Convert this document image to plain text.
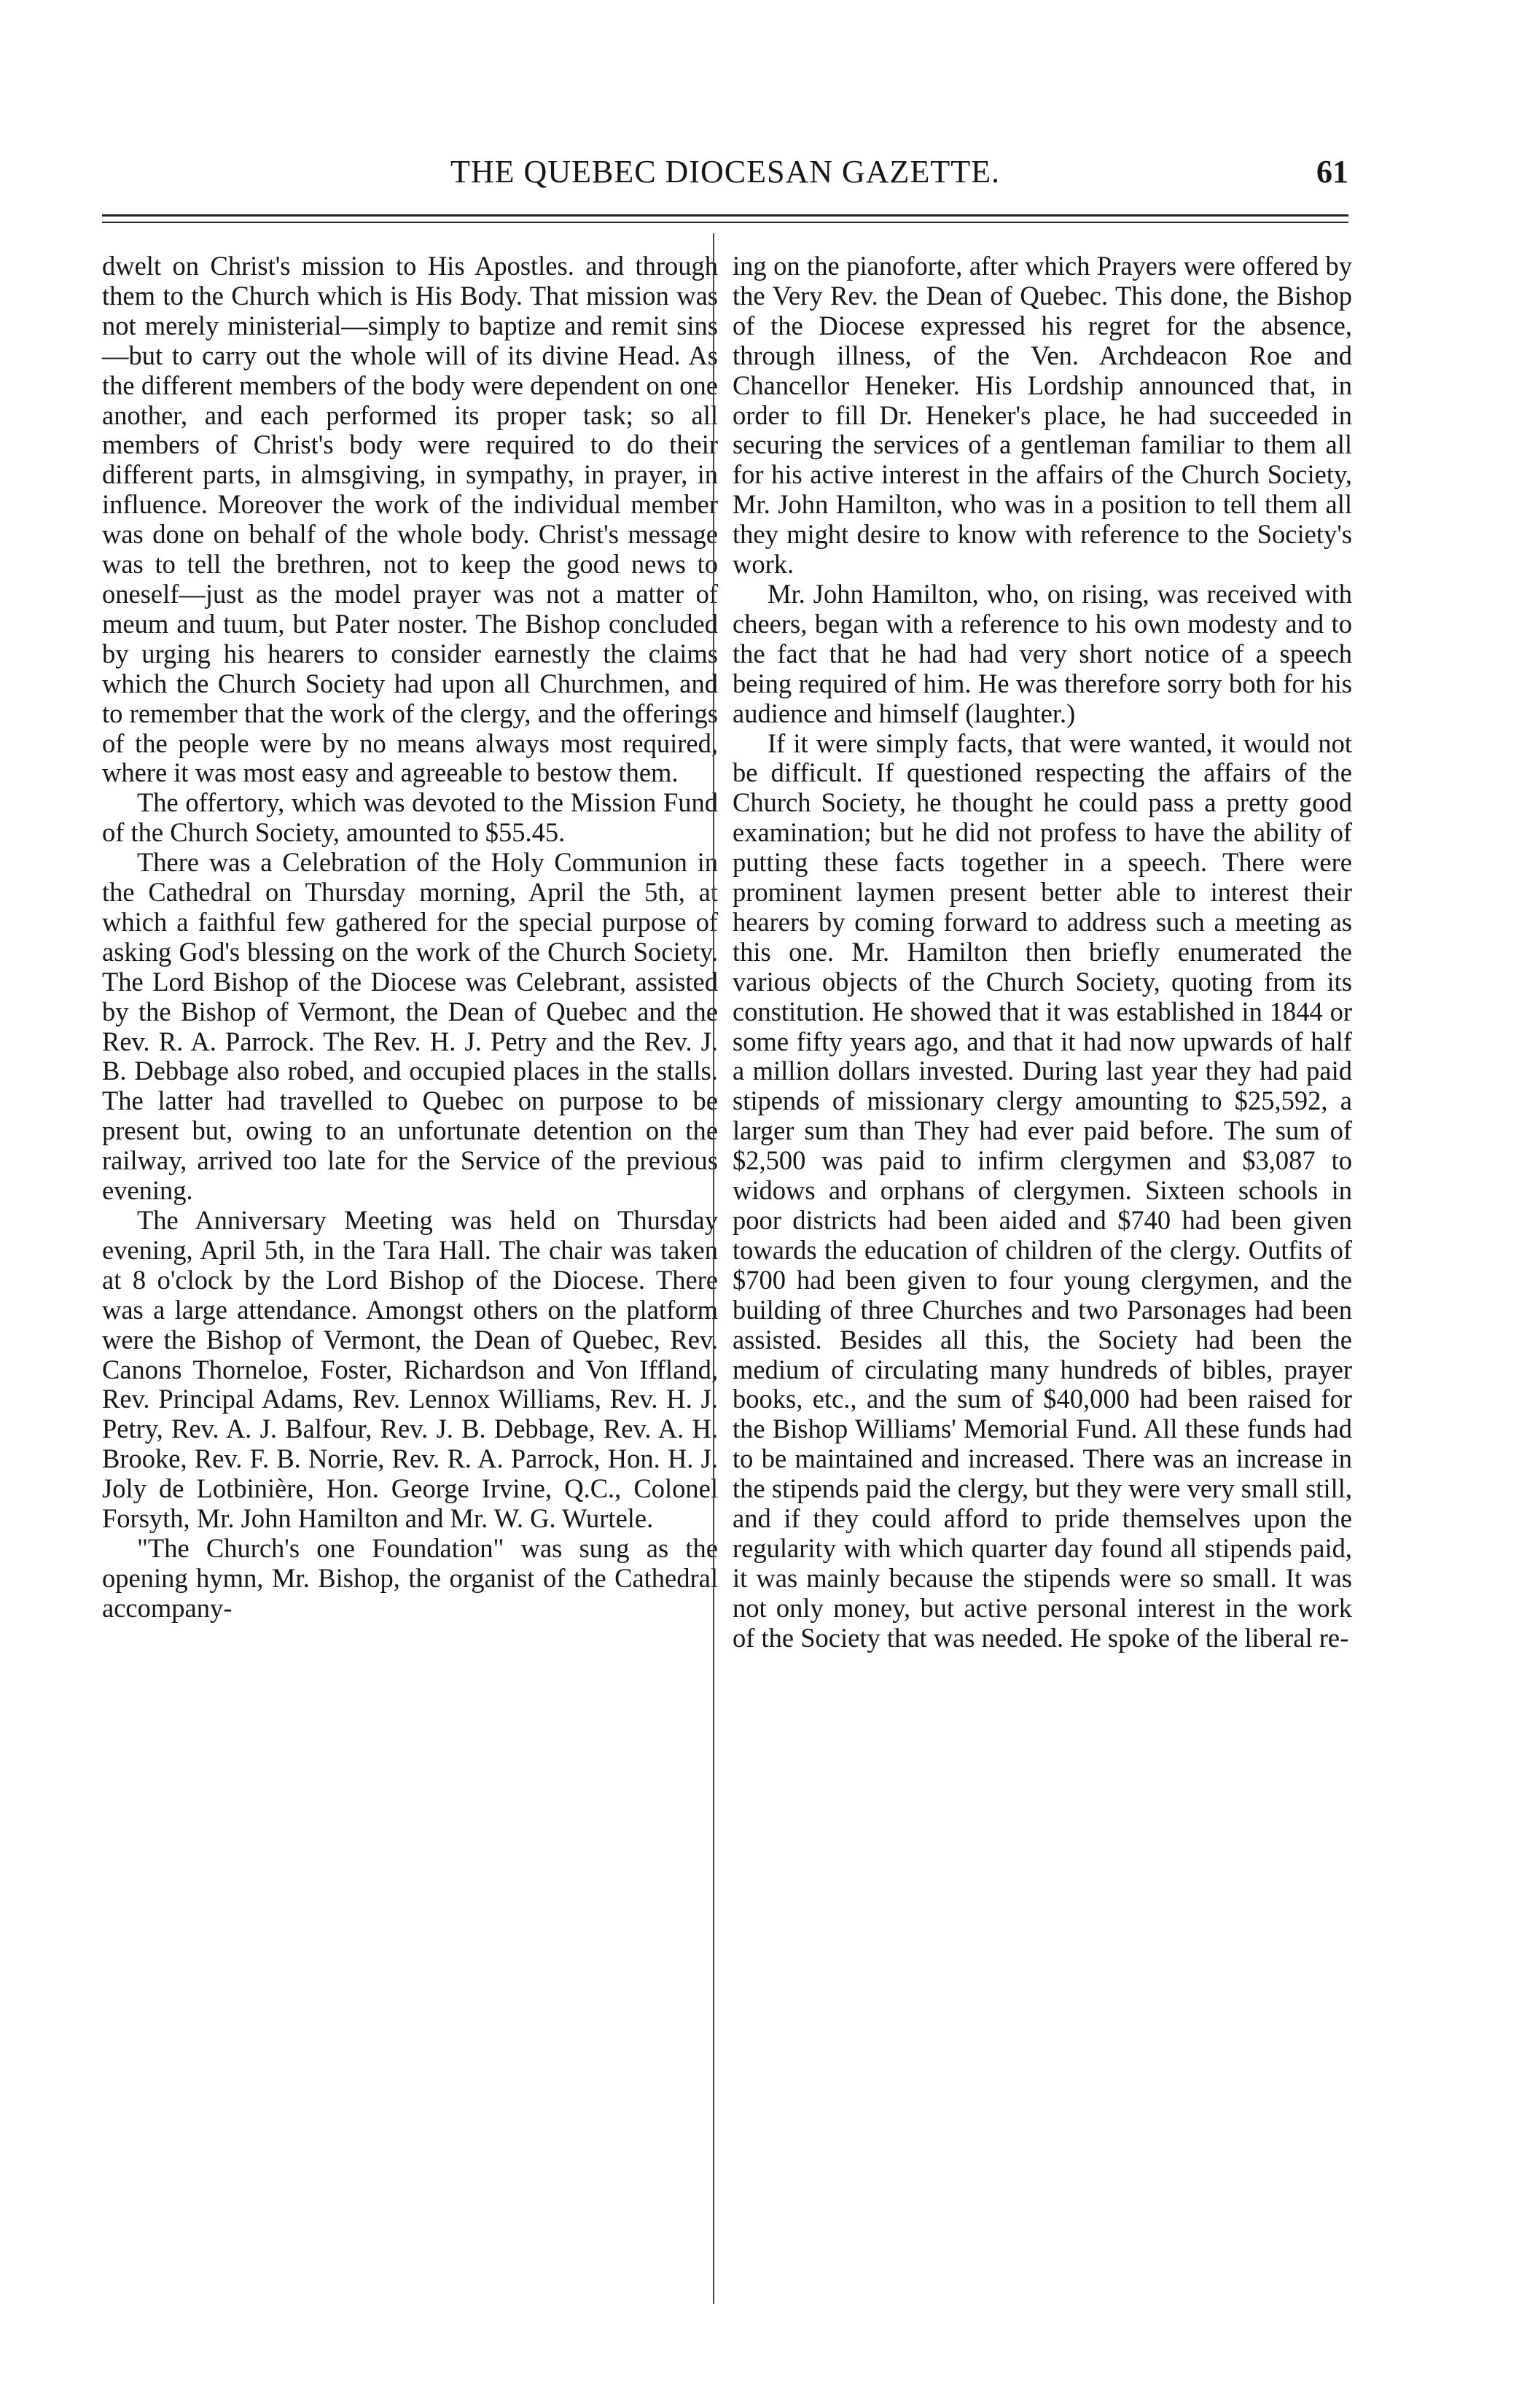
THE QUEBEC DIOCESAN GAZETTE.	61

dwelt on Christ's mission to His Apostles. and through them to the Church which is His Body. That mission was not merely ministerial—simply to baptize and remit sins—but to carry out the whole will of its divine Head. As the different members of the body were dependent on one another, and each performed its proper task; so all members of Christ's body were required to do their different parts, in almsgiving, in sympathy, in prayer, in influence. Moreover the work of the individual member was done on behalf of the whole body. Christ's message was to tell the brethren, not to keep the good news to oneself—just as the model prayer was not a matter of meum and tuum, but Pater noster. The Bishop concluded by urging his hearers to consider earnestly the claims which the Church Society had upon all Churchmen, and to remember that the work of the clergy, and the offerings of the people were by no means always most required, where it was most easy and agreeable to bestow them.

The offertory, which was devoted to the Mission Fund of the Church Society, amounted to $55.45.

There was a Celebration of the Holy Communion in the Cathedral on Thursday morning, April the 5th, at which a faithful few gathered for the special purpose of asking God's blessing on the work of the Church Society. The Lord Bishop of the Diocese was Celebrant, assisted by the Bishop of Vermont, the Dean of Quebec and the Rev. R. A. Parrock. The Rev. H. J. Petry and the Rev. J. B. Debbage also robed, and occupied places in the stalls. The latter had travelled to Quebec on purpose to be present but, owing to an unfortunate detention on the railway, arrived too late for the Service of the previous evening.

The Anniversary Meeting was held on Thursday evening, April 5th, in the Tara Hall. The chair was taken at 8 o'clock by the Lord Bishop of the Diocese. There was a large attendance. Amongst others on the platform were the Bishop of Vermont, the Dean of Quebec, Rev. Canons Thorneloe, Foster, Richardson and Von Iffland, Rev. Principal Adams, Rev. Lennox Williams, Rev. H. J. Petry, Rev. A. J. Balfour, Rev. J. B. Debbage, Rev. A. H. Brooke, Rev. F. B. Norrie, Rev. R. A. Parrock, Hon. H. J. Joly de Lotbinière, Hon. George Irvine, Q.C., Colonel Forsyth, Mr. John Hamilton and Mr. W. G. Wurtele.

"The Church's one Foundation" was sung as the opening hymn, Mr. Bishop, the organist of the Cathedral accompany-

ing on the pianoforte, after which Prayers were offered by the Very Rev. the Dean of Quebec. This done, the Bishop of the Diocese expressed his regret for the absence, through illness, of the Ven. Archdeacon Roe and Chancellor Heneker. His Lordship announced that, in order to fill Dr. Heneker's place, he had succeeded in securing the services of a gentleman familiar to them all for his active interest in the affairs of the Church Society, Mr. John Hamilton, who was in a position to tell them all they might desire to know with reference to the Society's work.

Mr. John Hamilton, who, on rising, was received with cheers, began with a reference to his own modesty and to the fact that he had had very short notice of a speech being required of him. He was therefore sorry both for his audience and himself (laughter.)

If it were simply facts, that were wanted, it would not be difficult. If questioned respecting the affairs of the Church Society, he thought he could pass a pretty good examination; but he did not profess to have the ability of putting these facts together in a speech. There were prominent laymen present better able to interest their hearers by coming forward to address such a meeting as this one. Mr. Hamilton then briefly enumerated the various objects of the Church Society, quoting from its constitution. He showed that it was established in 1844 or some fifty years ago, and that it had now upwards of half a million dollars invested. During last year they had paid stipends of missionary clergy amounting to $25,592, a larger sum than They had ever paid before. The sum of $2,500 was paid to infirm clergymen and $3,087 to widows and orphans of clergymen. Sixteen schools in poor districts had been aided and $740 had been given towards the education of children of the clergy. Outfits of $700 had been given to four young clergymen, and the building of three Churches and two Parsonages had been assisted. Besides all this, the Society had been the medium of circulating many hundreds of bibles, prayer books, etc., and the sum of $40,000 had been raised for the Bishop Williams' Memorial Fund. All these funds had to be maintained and increased. There was an increase in the stipends paid the clergy, but they were very small still, and if they could afford to pride themselves upon the regularity with which quarter day found all stipends paid, it was mainly because the stipends were so small. It was not only money, but active personal interest in the work of the Society that was needed. He spoke of the liberal re-
